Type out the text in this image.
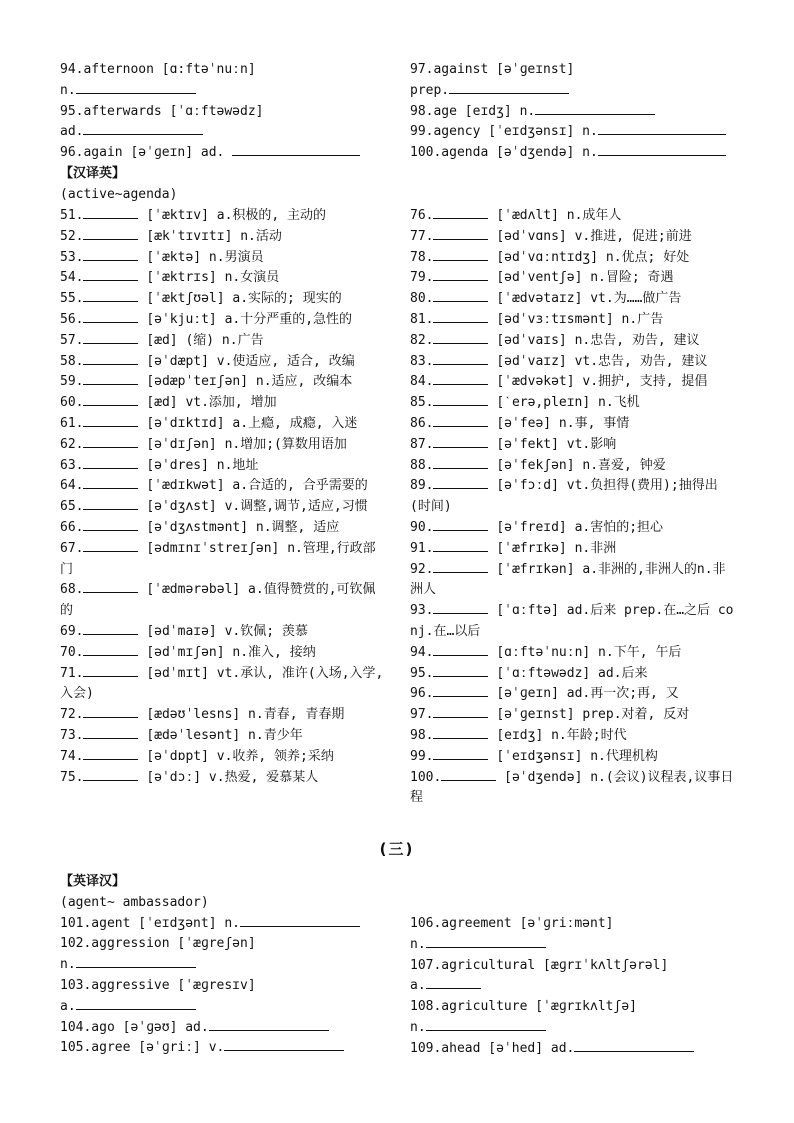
94.afternoon [ɑ:ftəˈnuːn]
n.
95.afterwards [ˈɑːftəwədz]
ad.
96.again [əˈɡeɪn] ad.
97.against [əˈɡeɪnst]
prep.
98.age [eɪdʒ] n.
99.agency [ˈeɪdʒənsɪ] n.
100.agenda [əˈdʒendə] n.
【汉译英】
(active~agenda)
51.	[ˈæktɪv] a.积极的, 主动的
52.	[ækˈtɪvɪtɪ] n.活动
53.	[ˈæktə] n.男演员
54.	[ˈæktrɪs] n.女演员
55.	[ˈæktʃʊəl] a.实际的; 现实的
56.	[əˈkjuːt] a.十分严重的,急性的
57.	[æd] (缩) n.广告
58.	[əˈdæpt] v.使适应, 适合, 改编
59.	[ədæpˈteɪʃən] n.适应, 改编本
60.	[æd] vt.添加, 增加
61.	[əˈdɪktɪd] a.上瘾, 成瘾, 入迷
62.	[əˈdɪʃən] n.增加;(算数用语加
63.	[əˈdres] n.地址
64.	[ˈædɪkwət] a.合适的, 合乎需要的
65.	[əˈdʒʌst] v.调整,调节,适应,习惯
66.	[əˈdʒʌstmənt] n.调整, 适应
67.	[ədmɪnɪˈstreɪʃən] n.管理,行政部门
68.	[ˈædmərəbəl] a.值得赞赏的,可钦佩的
69.	[ədˈmaɪə] v.钦佩; 羡慕
70.	[ədˈmɪʃən] n.准入, 接纳
71.	[ədˈmɪt] vt.承认, 准许(入场,入学, 入会)
72.	[ædəʊˈlesns] n.青春, 青春期
73.	[ædəˈlesənt] n.青少年
74.	[əˈdɒpt] v.收养, 领养;采纳
75.	[əˈdɔː] v.热爱, 爱慕某人
76.	[ˈædʌlt] n.成年人
77.	[ədˈvɑns] v.推进, 促进;前进
78.	[ədˈvɑːntɪdʒ] n.优点; 好处
79.	[ədˈventʃə] n.冒险; 奇遇
80.	[ˈædvətaɪz] vt.为……做广告
81.	[ədˈvɜːtɪsmənt] n.广告
82.	[ədˈvaɪs] n.忠告, 劝告, 建议
83.	[ədˈvaɪz] vt.忠告, 劝告, 建议
84.	[ˈædvəkət] v.拥护, 支持, 提倡
85.	[ˋerə,pleɪn] n.飞机
86.	[əˈfeə] n.事, 事情
87.	[əˈfekt] vt.影响
88.	[əˈfekʃən] n.喜爱, 钟爱
89.	[əˈfɔːd] vt.负担得(费用);抽得出(时间)
90.	[əˈfreɪd] a.害怕的;担心
91.	[ˈæfrɪkə] n.非洲
92.	[ˈæfrɪkən] a.非洲的,非洲人的n.非洲人
93.	[ˈɑːftə] ad.后来 prep.在…之后 conj.在…以后
94.	[ɑːftəˈnuːn] n.下午, 午后
95.	[ˈɑːftəwədz] ad.后来
96.	[əˈɡeɪn] ad.再一次;再, 又
97.	[əˈɡeɪnst] prep.对着, 反对
98.	[eɪdʒ] n.年龄;时代
99.	[ˈeɪdʒənsɪ] n.代理机构
100.	[əˈdʒendə] n.(会议)议程表,议事日程
(三)
【英译汉】
(agent~ ambassador)
101.agent [ˈeɪdʒənt] n.
102.aggression [ˈæɡreʃən]
n.
103.aggressive [ˈæɡresɪv]
a.
104.ago [əˈɡəʊ] ad.
105.agree [əˈɡriː] v.
106.agreement [əˈɡriːmənt]
n.
107.agricultural [æɡrɪˈkʌltʃərəl]
a.
108.agriculture [ˈæɡrɪkʌltʃə]
n.
109.ahead [əˈhed] ad.
